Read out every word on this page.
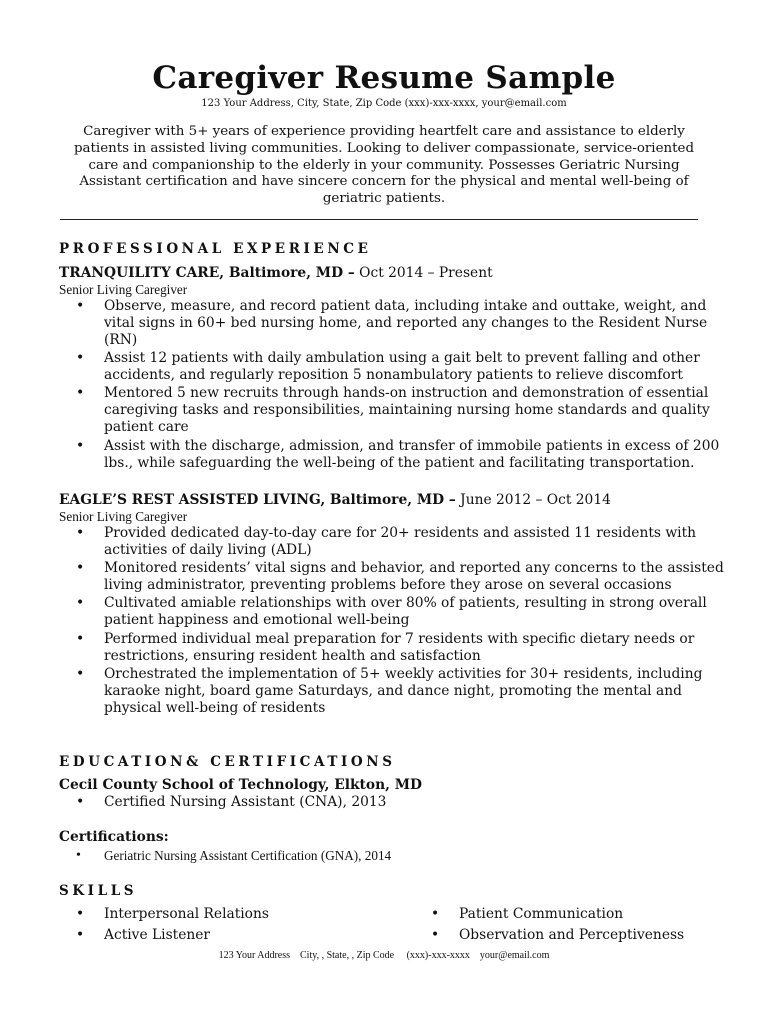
Caregiver Resume Sample
123 Your Address, City, State, Zip Code (xxx)-xxx-xxxx, your@email.com
Caregiver with 5+ years of experience providing heartfelt care and assistance to elderly patients in assisted living communities. Looking to deliver compassionate, service-oriented care and companionship to the elderly in your community. Possesses Geriatric Nursing Assistant certification and have sincere concern for the physical and mental well-being of geriatric patients.
PROFESSIONAL EXPERIENCE
TRANQUILITY CARE, Baltimore, MD – Oct 2014 – Present
Senior Living Caregiver
• Observe, measure, and record patient data, including intake and outtake, weight, and vital signs in 60+ bed nursing home, and reported any changes to the Resident Nurse (RN)
• Assist 12 patients with daily ambulation using a gait belt to prevent falling and other accidents, and regularly reposition 5 nonambulatory patients to relieve discomfort
• Mentored 5 new recruits through hands-on instruction and demonstration of essential caregiving tasks and responsibilities, maintaining nursing home standards and quality patient care
• Assist with the discharge, admission, and transfer of immobile patients in excess of 200 lbs., while safeguarding the well-being of the patient and facilitating transportation.
EAGLE’S REST ASSISTED LIVING, Baltimore, MD – June 2012 – Oct 2014
Senior Living Caregiver
• Provided dedicated day-to-day care for 20+ residents and assisted 11 residents with activities of daily living (ADL)
• Monitored residents’ vital signs and behavior, and reported any concerns to the assisted living administrator, preventing problems before they arose on several occasions
• Cultivated amiable relationships with over 80% of patients, resulting in strong overall patient happiness and emotional well-being
• Performed individual meal preparation for 7 residents with specific dietary needs or restrictions, ensuring resident health and satisfaction
• Orchestrated the implementation of 5+ weekly activities for 30+ residents, including karaoke night, board game Saturdays, and dance night, promoting the mental and physical well-being of residents
EDUCATION& CERTIFICATIONS
Cecil County School of Technology, Elkton, MD
• Certified Nursing Assistant (CNA), 2013
Certifications:
• Geriatric Nursing Assistant Certification (GNA), 2014
SKILLS
• Interpersonal Relations
• Active Listener
• Patient Communication
• Observation and Perceptiveness
123 Your Address    City, , State, , Zip Code     (xxx)-xxx-xxxx    your@email.com
